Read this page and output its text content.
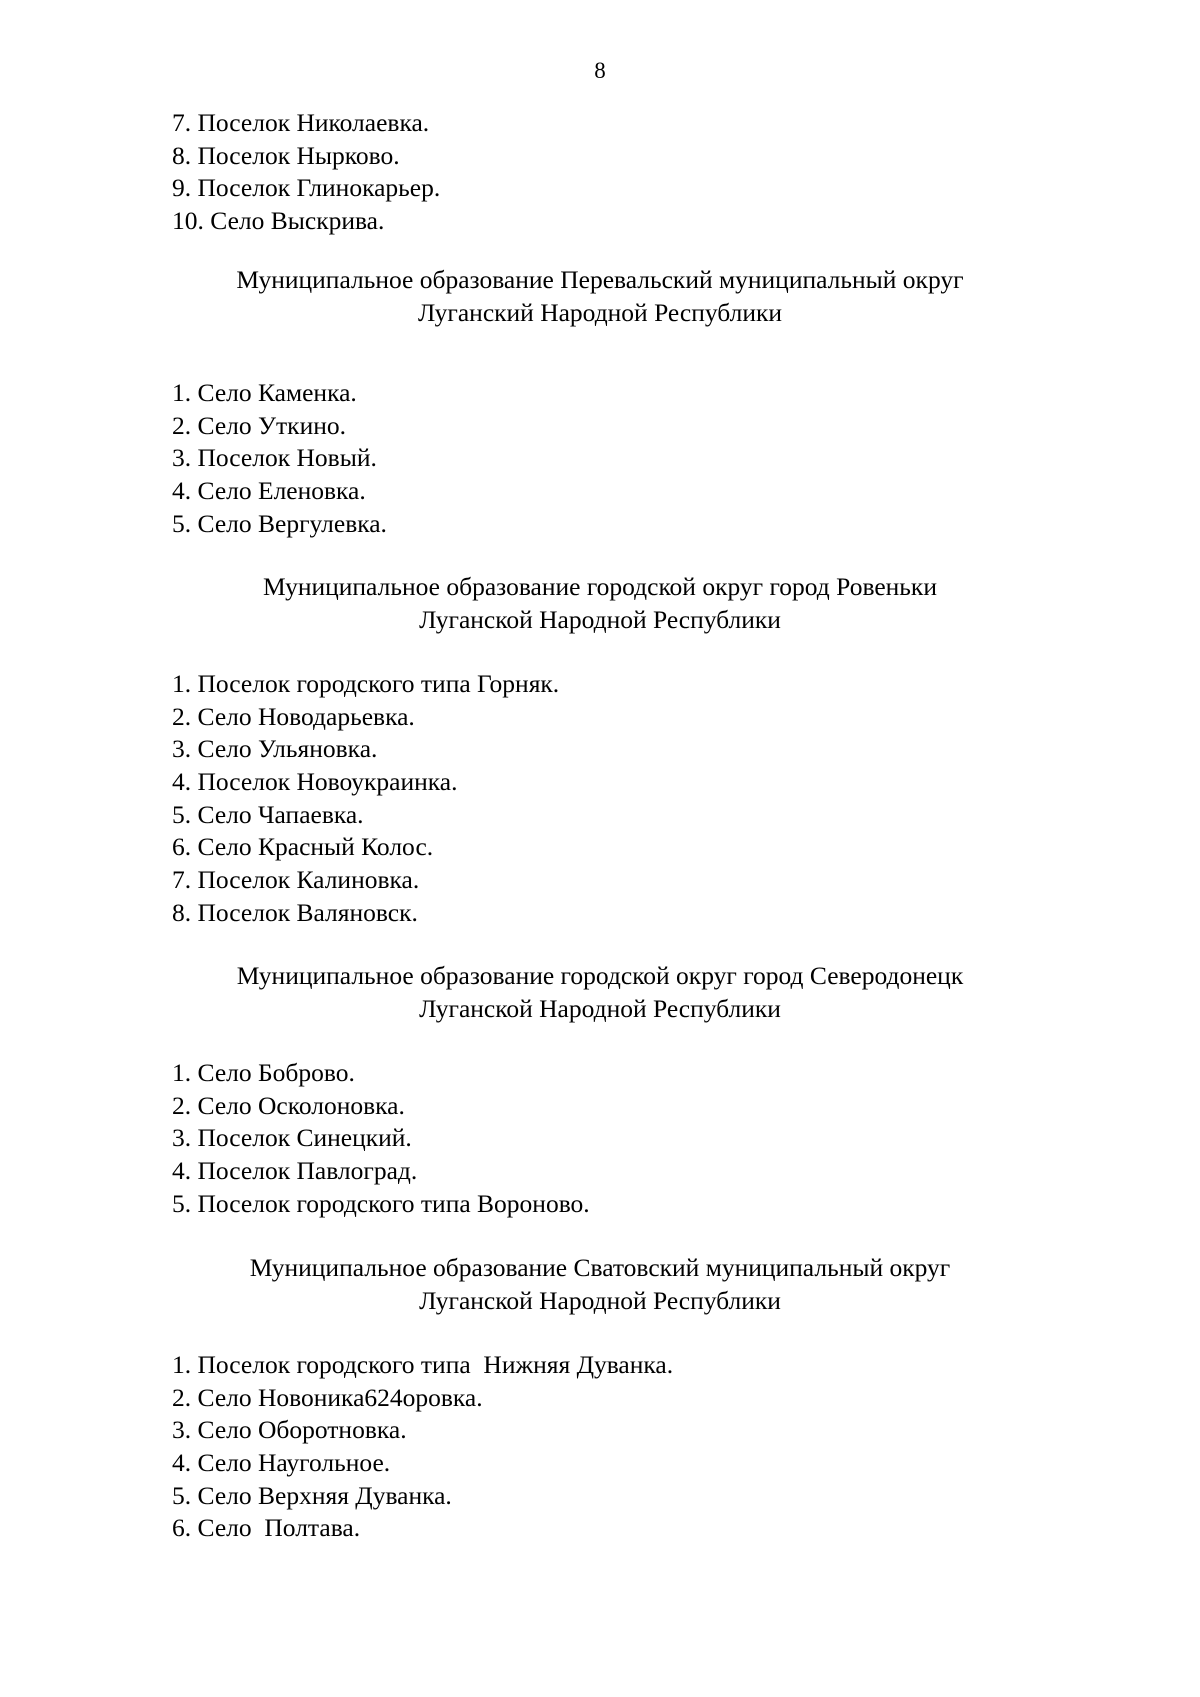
8
7. Поселок Николаевка.
8. Поселок Нырково.
9. Поселок Глинокарьер.
10. Село Выскрива.
Муниципальное образование Перевальский муниципальный округ
Луганский Народной Республики
1. Село Каменка.
2. Село Уткино.
3. Поселок Новый.
4. Село Еленовка.
5. Село Вергулевка.
Муниципальное образование городской округ город Ровеньки
Луганской Народной Республики
1. Поселок городского типа Горняк.
2. Село Новодарьевка.
3. Село Ульяновка.
4. Поселок Новоукраинка.
5. Село Чапаевка.
6. Село Красный Колос.
7. Поселок Калиновка.
8. Поселок Валяновск.
Муниципальное образование городской округ город Северодонецк
Луганской Народной Республики
1. Село Боброво.
2. Село Осколоновка.
3. Поселок Синецкий.
4. Поселок Павлоград.
5. Поселок городского типа Вороново.
Муниципальное образование Сватовский муниципальный округ
Луганской Народной Республики
1. Поселок городского типа  Нижняя Дуванка.
2. Село Новоника624оровка.
3. Село Оборотновка.
4. Село Наугольное.
5. Село Верхняя Дуванка.
6. Село  Полтава.
